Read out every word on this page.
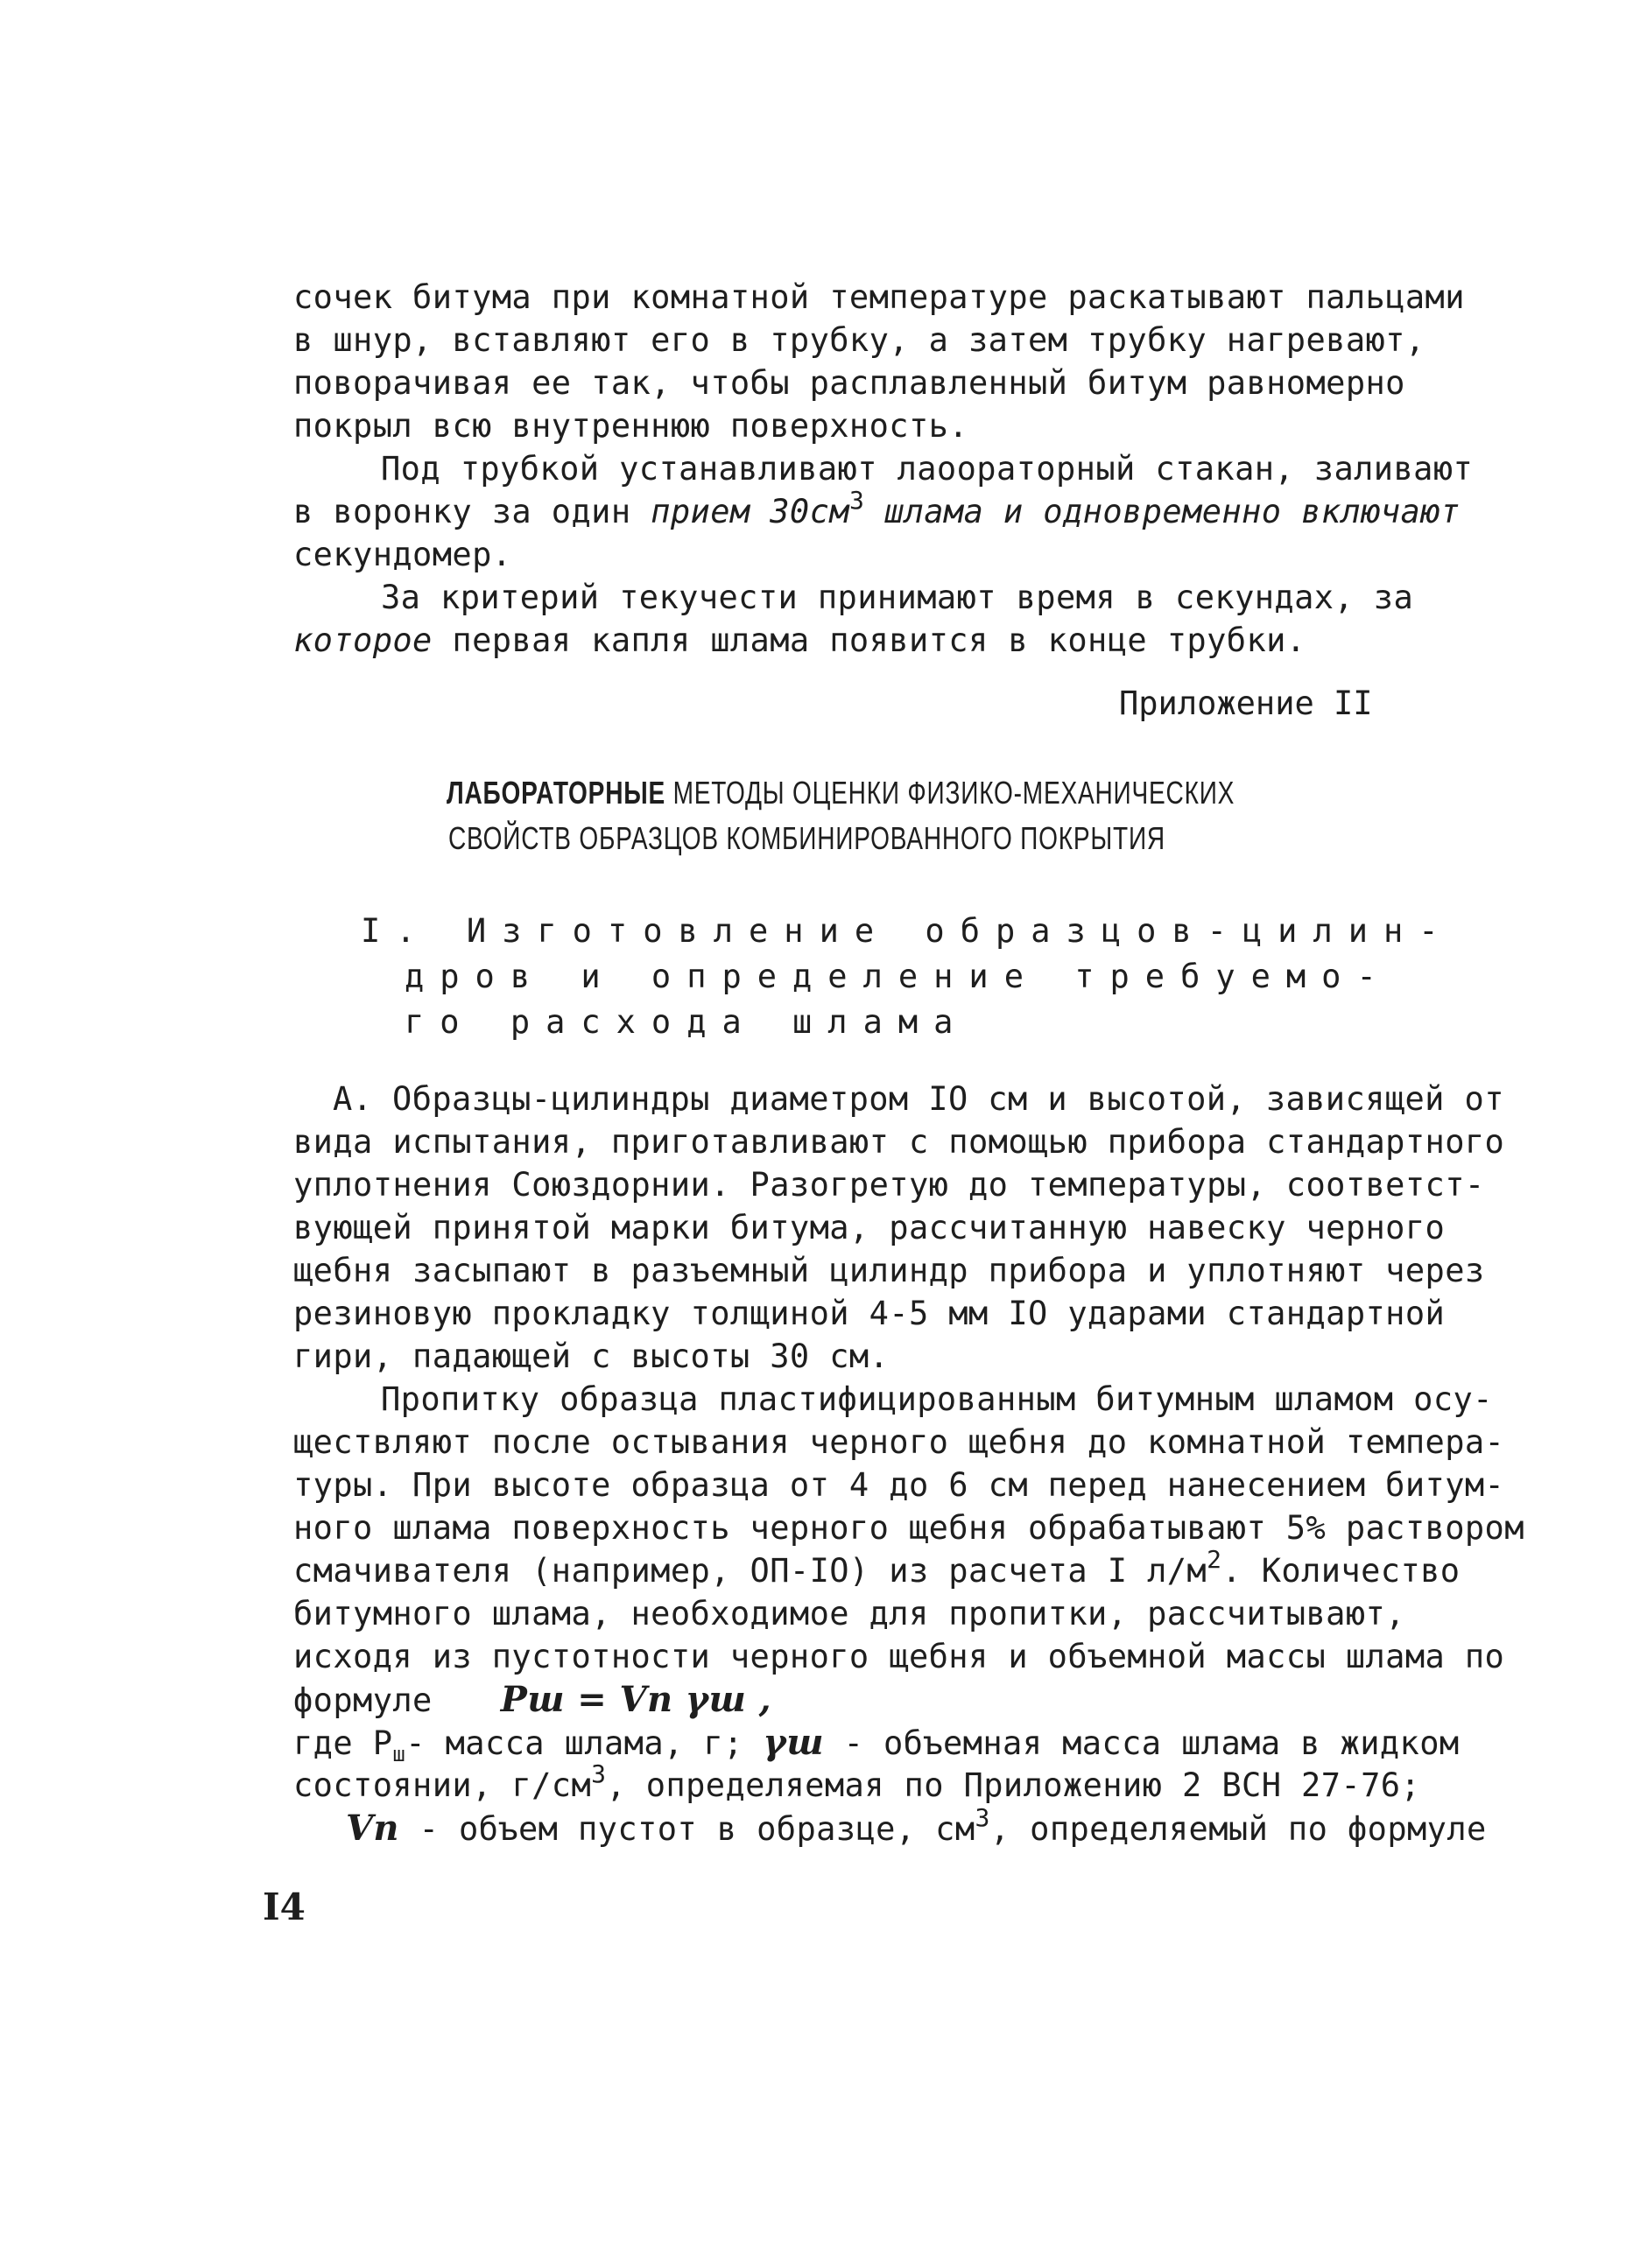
сочек битума при комнатной температуре раскатывают пальцами
в шнур, вставляют его в трубку, а затем трубку нагревают,
поворачивая ее так, чтобы расплавленный битум равномерно
покрыл всю внутреннюю поверхность.
Под трубкой устанавливают лаоораторный стакан, заливают
в воронку за один прием $30см^3$ шлама и одновременно включают
секундомер.
За критерий текучести принимают время в секундах, за
которое первая капля шлама появится в конце трубки.
Приложение II
ЛАБОРАТОРНЫЕ МЕТОДЫ ОЦЕНКИ ФИЗИКО-МЕХАНИЧЕСКИХ
СВОЙСТВ ОБРАЗЦОВ КОМБИНИРОВАННОГО ПОКРЫТИЯ
I. Изготовление образцов-цилин-
дров и определение требуемо-
го расхода шлама
А. Образцы-цилиндры диаметром IO см и высотой, зависящей от
вида испытания, приготавливают с помощью прибора стандартного
уплотнения Союздорнии. Разогретую до температуры, соответст-
вующей принятой марки битума, рассчитанную навеску черного
щебня засыпают в разъемный цилиндр прибора и уплотняют через
резиновую прокладку толщиной 4-5 мм IO ударами стандартной
гири, падающей с высоты 30 см.
Пропитку образца пластифицированным битумным шламом осу-
ществляют после остывания черного щебня до комнатной темпера-
туры. При высоте образца от 4 до 6 см перед нанесением битум-
ного шлама поверхность черного щебня обрабатывают 5% раствором
смачивателя (например, ОП-IO) из расчета I $л/м^2$. Количество
битумного шлама, необходимое для пропитки, рассчитывают,
исходя из пустотности черного щебня и объемной массы шлама по
формуле Pш = Vп γш ,
где $Р_ш-$ масса шлама, г; γш - объемная масса шлама в жидком
состоянии, $г/см^3$, определяемая по Приложению 2 ВСН 27-76;
Vп - объем пустот в образце, $см^3$, определяемый по формуле
I4
